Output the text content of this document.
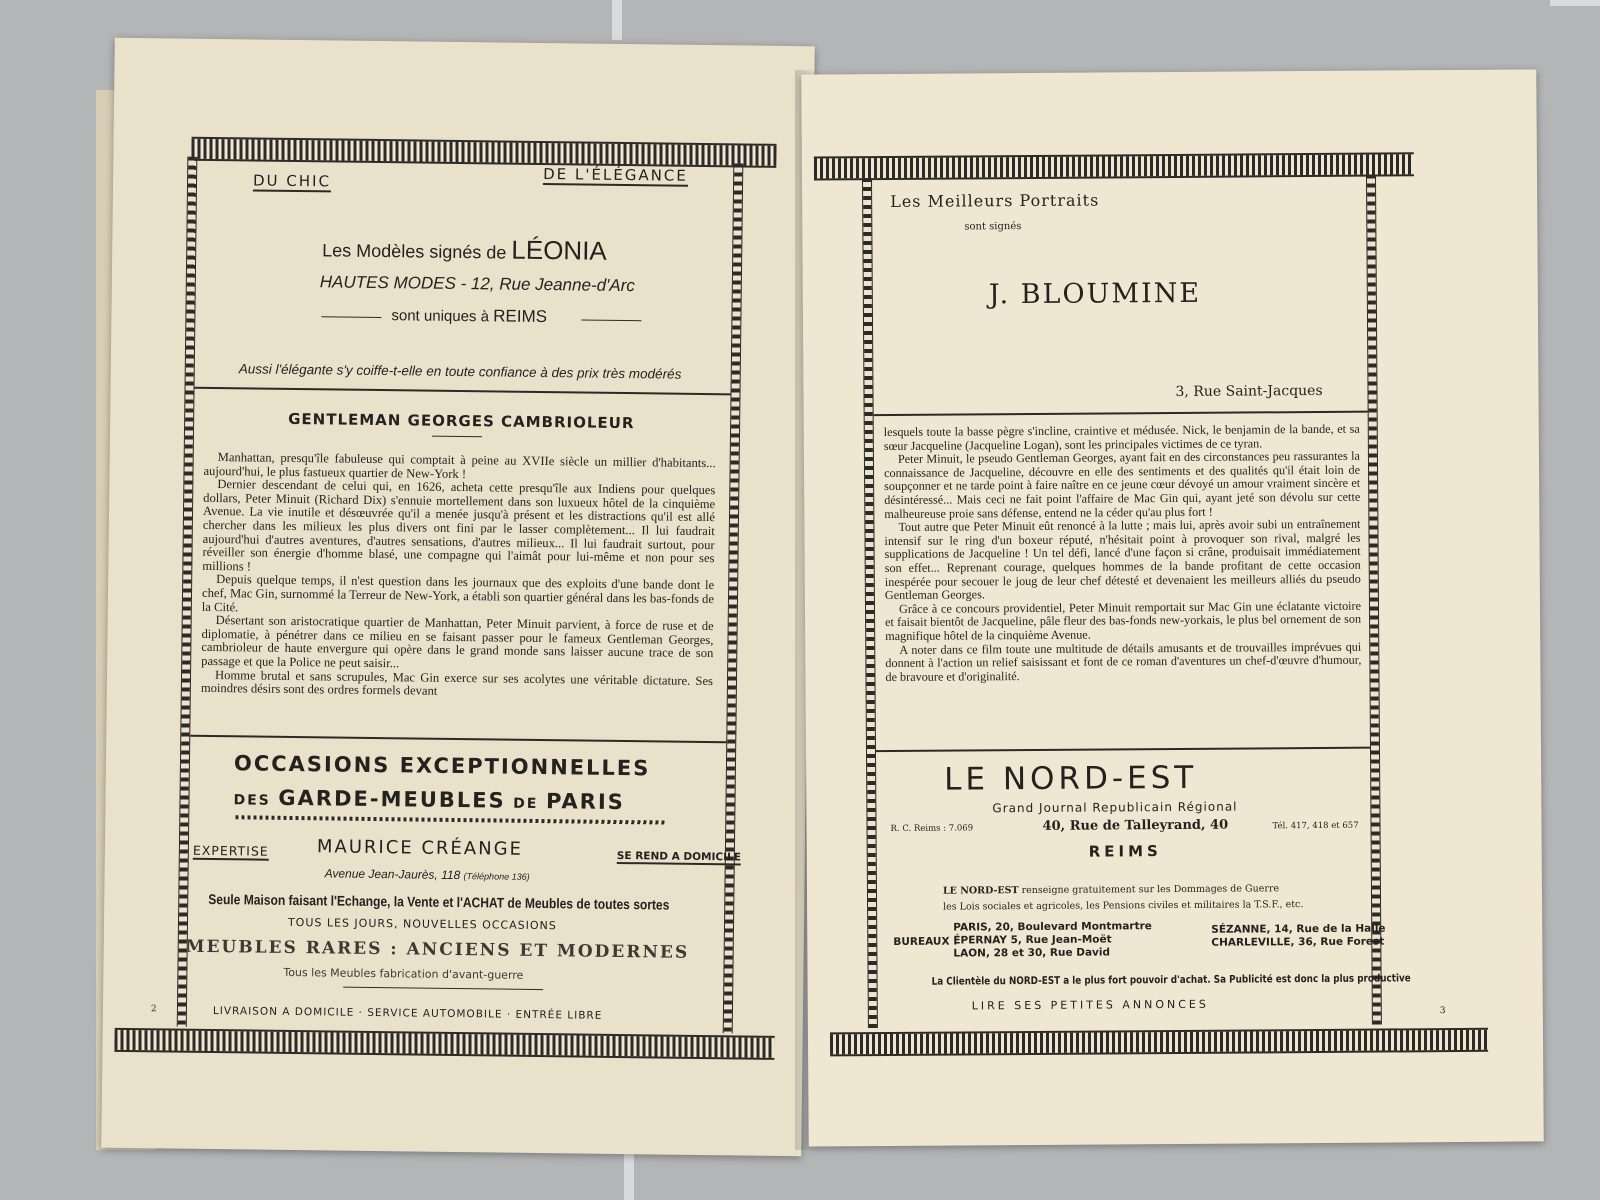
DU CHIC	DE L'ÉLÉGANCE
Les Modèles signés de LÉONIA
HAUTES MODES - 12, Rue Jeanne-d'Arc
sont uniques à REIMS
Aussi l'élégante s'y coiffe-t-elle en toute confiance à des prix très modérés
GENTLEMAN GEORGES CAMBRIOLEUR

Manhattan, presqu'île fabuleuse qui comptait à peine au XVIIe siècle un millier d'habitants... aujourd'hui, le plus fastueux quartier de New-York !

Dernier descendant de celui qui, en 1626, acheta cette presqu'île aux Indiens pour quelques dollars, Peter Minuit (Richard Dix) s'ennuie mortellement dans son luxueux hôtel de la cinquième Avenue. La vie inutile et désœuvrée qu'il a menée jusqu'à présent et les distractions qu'il est allé chercher dans les milieux les plus divers ont fini par le lasser complètement... Il lui faudrait aujourd'hui d'autres aventures, d'autres sensations, d'autres milieux... Il lui faudrait surtout, pour réveiller son énergie d'homme blasé, une compagne qui l'aimât pour lui-même et non pour ses millions !

Depuis quelque temps, il n'est question dans les journaux que des exploits d'une bande dont le chef, Mac Gin, surnommé la Terreur de New-York, a établi son quartier général dans les bas-fonds de la Cité.

Désertant son aristocratique quartier de Manhattan, Peter Minuit parvient, à force de ruse et de diplomatie, à pénétrer dans ce milieu en se faisant passer pour le fameux Gentleman Georges, cambrioleur de haute envergure qui opère dans le grand monde sans laisser aucune trace de son passage et que la Police ne peut saisir...

Homme brutal et sans scrupules, Mac Gin exerce sur ses acolytes une véritable dictature. Ses moindres désirs sont des ordres formels devant

OCCASIONS EXCEPTIONNELLES
DES GARDE-MEUBLES DE PARIS
EXPERTISE	MAURICE CRÉANGE	SE REND A DOMICILE
Avenue Jean-Jaurès, 118 (Téléphone 136)
Seule Maison faisant l'Echange, la Vente et l'ACHAT de Meubles de toutes sortes
TOUS LES JOURS, NOUVELLES OCCASIONS
MEUBLES RARES : ANCIENS ET MODERNES
Tous les Meubles fabrication d'avant-guerre
LIVRAISON A DOMICILE · SERVICE AUTOMOBILE · ENTRÉE LIBRE
2
Les Meilleurs Portraits
sont signés
J. BLOUMINE
3, Rue Saint-Jacques

lesquels toute la basse pègre s'incline, craintive et médusée. Nick, le benjamin de la bande, et sa sœur Jacqueline (Jacqueline Logan), sont les principales victimes de ce tyran.

Peter Minuit, le pseudo Gentleman Georges, ayant fait en des circonstances peu rassurantes la connaissance de Jacqueline, découvre en elle des sentiments et des qualités qu'il était loin de soupçonner et ne tarde point à faire naître en ce jeune cœur dévoyé un amour vraiment sincère et désintéressé... Mais ceci ne fait point l'affaire de Mac Gin qui, ayant jeté son dévolu sur cette malheureuse proie sans défense, entend ne la céder qu'au plus fort !

Tout autre que Peter Minuit eût renoncé à la lutte ; mais lui, après avoir subi un entraînement intensif sur le ring d'un boxeur réputé, n'hésitait point à provoquer son rival, malgré les supplications de Jacqueline ! Un tel défi, lancé d'une façon si crâne, produisait immédiatement son effet... Reprenant courage, quelques hommes de la bande profitant de cette occasion inespérée pour secouer le joug de leur chef détesté et devenaient les meilleurs alliés du pseudo Gentleman Georges.

Grâce à ce concours providentiel, Peter Minuit remportait sur Mac Gin une éclatante victoire et faisait bientôt de Jacqueline, pâle fleur des bas-fonds new-yorkais, le plus bel ornement de son magnifique hôtel de la cinquième Avenue.

A noter dans ce film toute une multitude de détails amusants et de trouvailles imprévues qui donnent à l'action un relief saisissant et font de ce roman d'aventures un chef-d'œuvre d'humour, de bravoure et d'originalité.

LE NORD-EST
Grand Journal Republicain Régional
R. C. Reims : 7.069	40, Rue de Talleyrand, 40	Tél. 417, 418 et 657
REIMS
LE NORD-EST renseigne gratuitement sur les Dommages de Guerre
les Lois sociales et agricoles, les Pensions civiles et militaires la T.S.F., etc.
BUREAUX :
PARIS, 20, Boulevard Montmartre
ÉPERNAY 5, Rue Jean-Moët
LAON, 28 et 30, Rue David
SÉZANNE, 14, Rue de la Halle
CHARLEVILLE, 36, Rue Forest
La Clientèle du NORD-EST a le plus fort pouvoir d'achat. Sa Publicité est donc la plus productive
LIRE SES PETITES ANNONCES	3
